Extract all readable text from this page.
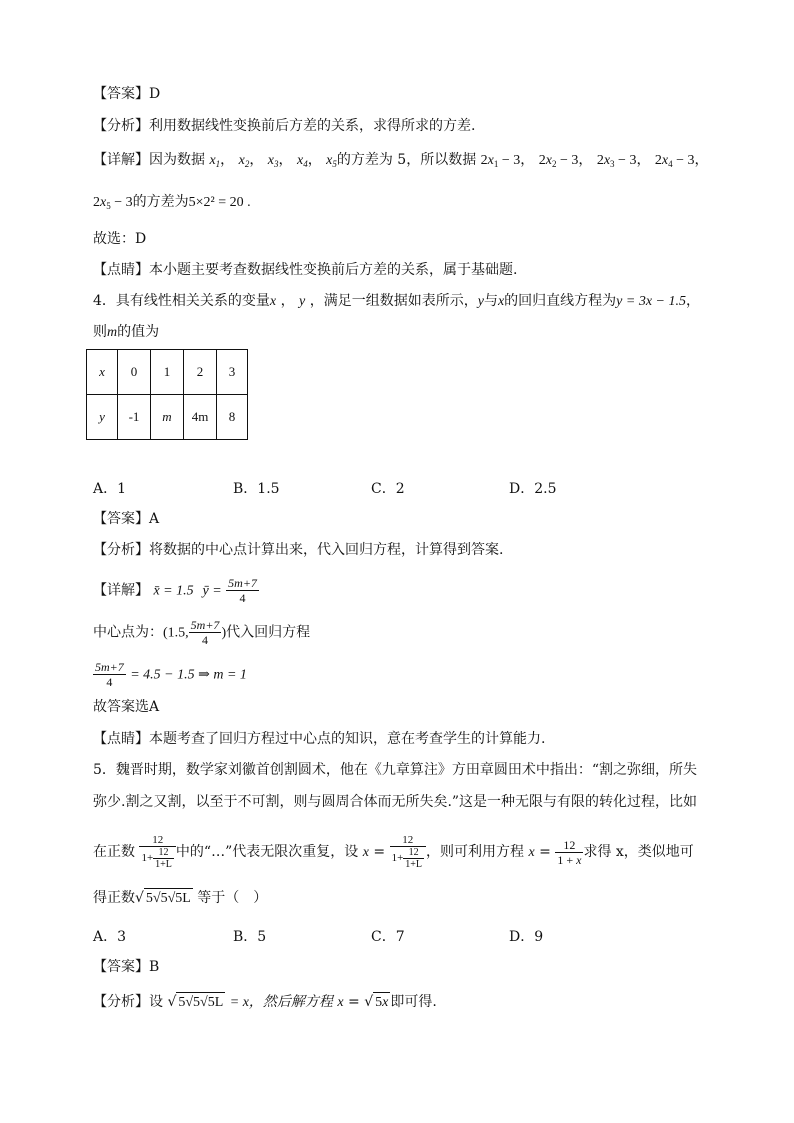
【答案】D
【分析】利用数据线性变换前后方差的关系，求得所求的方差.
【详解】因为数据 $x_1$， $x_2$， $x_3$， $x_4$， $x_5$的方差为 5，所以数据 $2x_1 - 3$， $2x_2 - 3$， $2x_3 - 3$， $2x_4 - 3$，
$2x_5 - 3$的方差为5×2² = 20 .
故选：D
【点睛】本小题主要考查数据线性变换前后方差的关系，属于基础题.
4．具有线性相关关系的变量x ， y ，满足一组数据如表所示，y与x的回归直线方程为y = 3x − 1.5，
则m的值为
x	0	1	2	3
y	-1	m	4m	8
A．1	B．1.5	C．2	D．2.5
【答案】A
【分析】将数据的中心点计算出来，代入回归方程，计算得到答案.
【详解】 x̄ = 1.5 ȳ = $\frac{5m+7}{4}$
中心点为：(1.5, $\frac{5m+7}{4}$ )代入回归方程
$\frac{5m+7}{4} = 4.5 - 1.5$ ⇒ m = 1
故答案选A
【点睛】本题考查了回归方程过中心点的知识，意在考查学生的计算能力.
5．魏晋时期，数学家刘徽首创割圆术，他在《九章算注》方田章圆田术中指出：“割之弥细，所失
弥少.割之又割，以至于不可割，则与圆周合体而无所失矣.”这是一种无限与有限的转化过程，比如
在正数 $\frac{12}{1+ \frac{12}{1+L}}$ 中的“…”代表无限次重复，设 $x = \frac{12}{1+ \frac{12}{1+L}}$ ，则可利用方程 $x = \frac{12}{1 + x}$ 求得 x，类似地可
得正数√ 5√5√5L 等于（　）
A．3	B．5	C．7	D．9
【答案】B
【分析】设 √ 5√5√5L = x，然后解方程 x = √ 5x 即可得.
